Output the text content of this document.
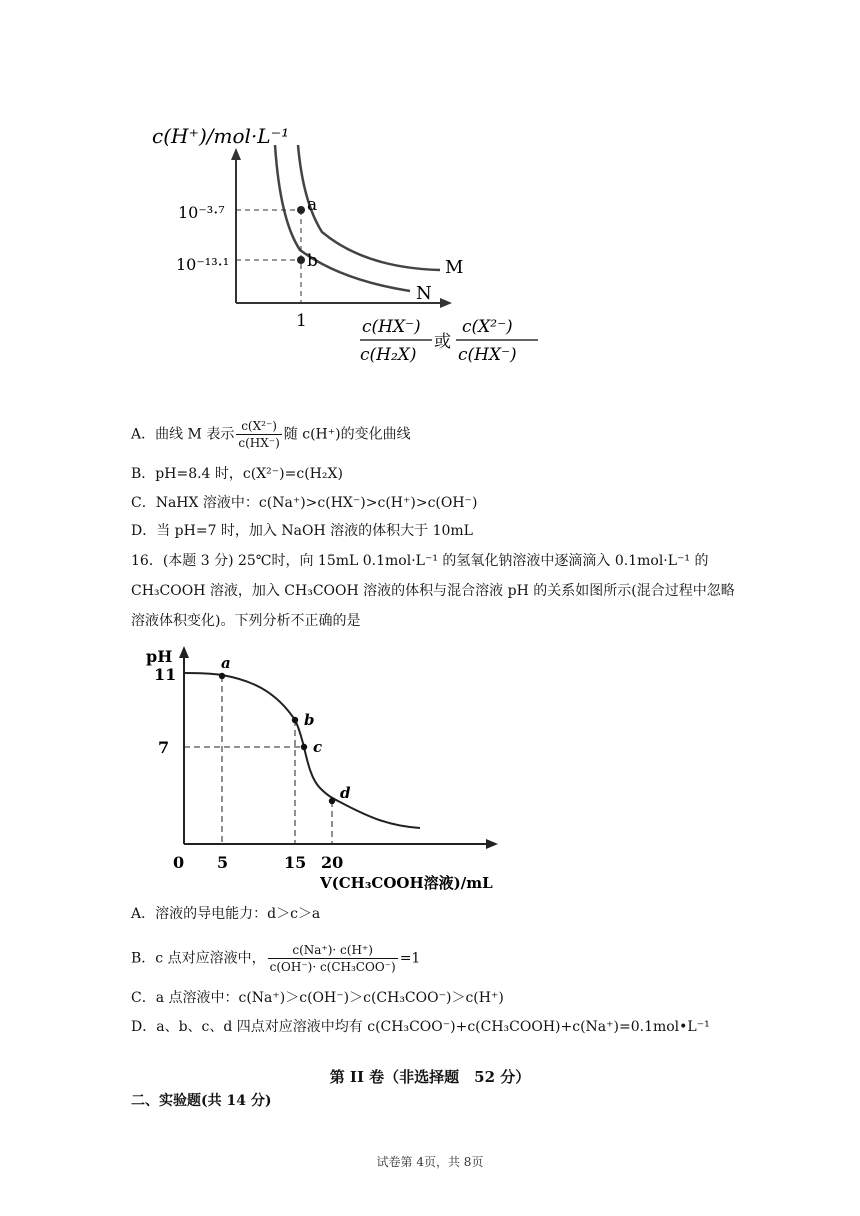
c(H⁺)/mol·L⁻¹
a
b
10⁻³·⁷
10⁻¹³·¹
1
M
N
c(HX⁻)
c(H₂X)
或
c(X²⁻)
c(HX⁻)
A．曲线 M 表示 $\frac{\text{c(X²⁻)}}{c(HX^-)}$ 随 c(H⁺)的变化曲线
B．pH=8.4 时，c(X²⁻)=c(H₂X)
C．NaHX 溶液中：c(Na⁺)>c(HX⁻)>c(H⁺)>c(OH⁻)
D．当 pH=7 时，加入 NaOH 溶液的体积大于 10mL
16．(本题 3 分) 25℃时，向 15mL 0.1mol·L⁻¹ 的氢氧化钠溶液中逐滴滴入 0.1mol·L⁻¹ 的 CH₃COOH 溶液，加入 CH₃COOH 溶液的体积与混合溶液 pH 的关系如图所示(混合过程中忽略溶液体积变化)。下列分析不正确的是
pH	a
b
c
d
11
7
0 5	15 20
V(CH₃COOH溶液)/mL
A．溶液的导电能力：d＞c＞a
B．c 点对应溶液中， $\frac{c(Na^+)\cdot c(H^+)}{\text{c(OH⁻)· c(CH₃COO⁻)}} =1$
C．a 点溶液中：c(Na⁺)＞c(OH⁻)＞c(CH₃COO⁻)＞c(H⁺)
D．a、b、c、d 四点对应溶液中均有 c(CH₃COO⁻)+c(CH₃COOH)+c(Na⁺)=0.1mol•L⁻¹
第 II 卷（非选择题　52 分）
二、实验题(共 14 分)
试卷第 4页，共 8页
